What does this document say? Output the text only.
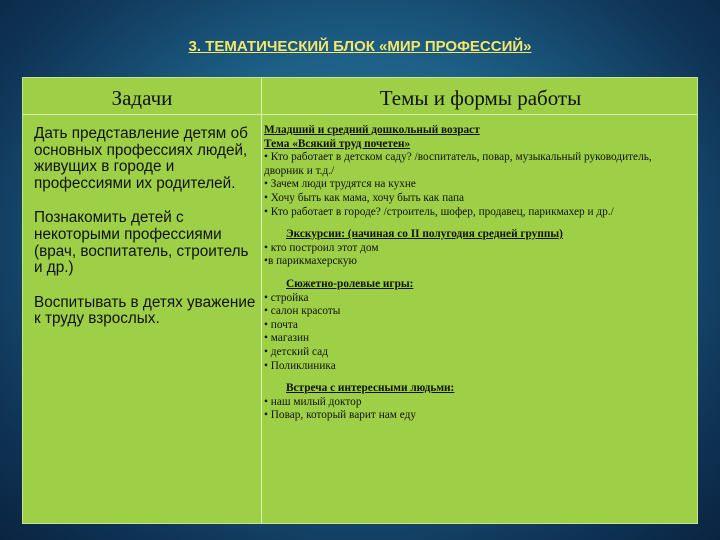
3. ТЕМАТИЧЕСКИЙ БЛОК «МИР ПРОФЕССИЙ»
Задачи	Темы и формы работы

Дать представление детям об основных профессиях людей, живущих в городе и профессиями их родителей.

Познакомить детей с некоторыми профессиями (врач, воспитатель, строитель и др.)

Воспитывать в детях уважение к труду взрослых.

Младший и средний дошкольный возраст
Тема «Всякий труд почетен»
• Кто работает в детском саду? /воспитатель, повар, музыкальный руководитель, дворник и т.д./
• Зачем люди трудятся на кухне
• Хочу быть как мама, хочу быть как папа
• Кто работает в городе? /строитель, шофер, продавец, парикмахер и др./
Экскурсии: (начиная со II полугодия средней группы)
• кто построил этот дом
•в парикмахерскую
Сюжетно-ролевые игры:
• стройка
• салон красоты
• почта
• магазин
• детский сад
• Поликлиника
Встреча с интересными людьми:
• наш милый доктор
• Повар, который варит нам еду
